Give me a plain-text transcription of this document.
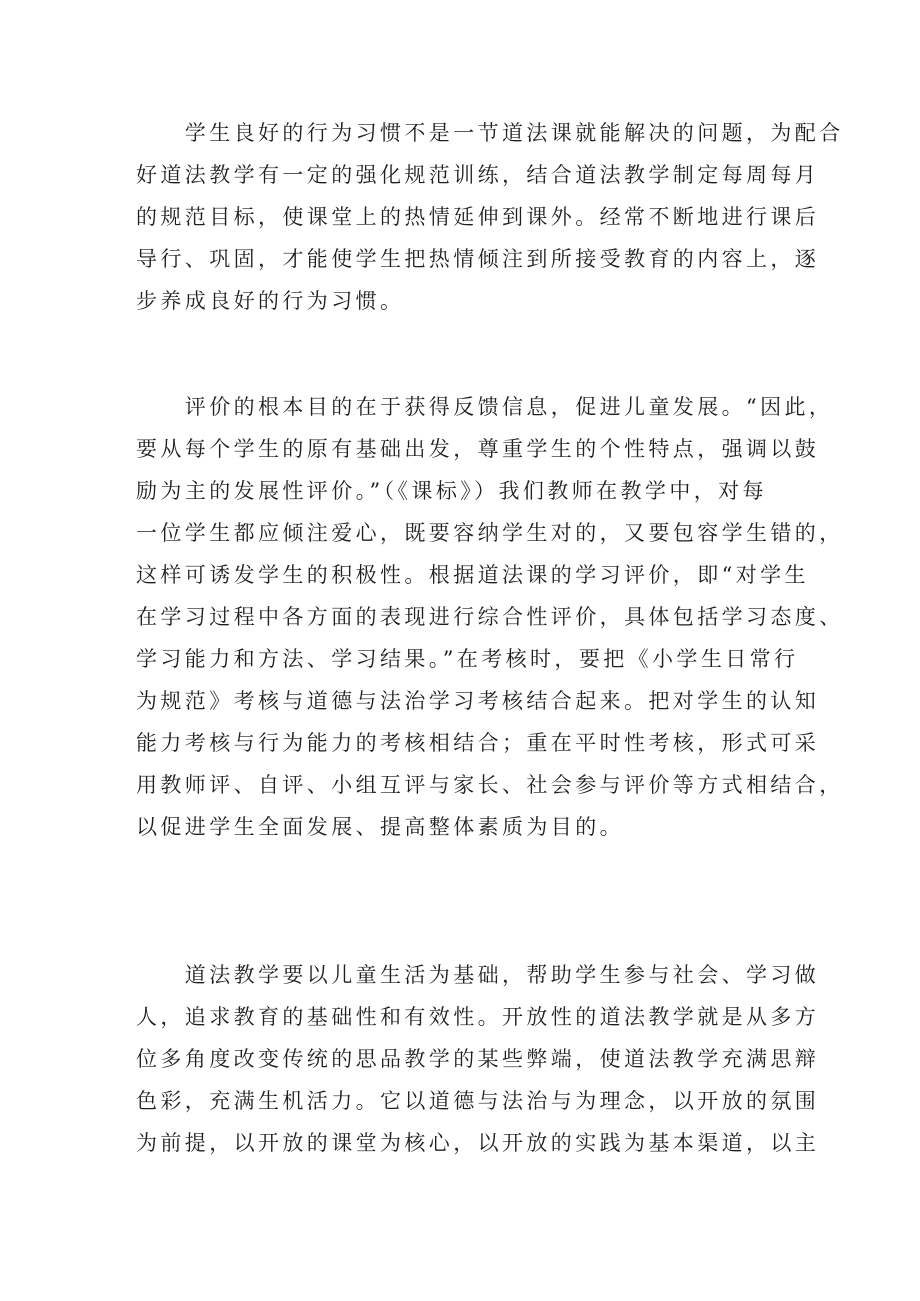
　　学生良好的行为习惯不是一节道法课就能解决的问题，为配合
好道法教学有一定的强化规范训练，结合道法教学制定每周每月
的规范目标，使课堂上的热情延伸到课外。经常不断地进行课后
导行、巩固，才能使学生把热情倾注到所接受教育的内容上，逐
步养成良好的行为习惯。
　　评价的根本目的在于获得反馈信息，促进儿童发展。“因此，
要从每个学生的原有基础出发，尊重学生的个性特点，强调以鼓
励为主的发展性评价。”（《课标》）我们教师在教学中，对每
一位学生都应倾注爱心，既要容纳学生对的，又要包容学生错的，
这样可诱发学生的积极性。根据道法课的学习评价，即“对学生
在学习过程中各方面的表现进行综合性评价，具体包括学习态度、
学习能力和方法、学习结果。”在考核时，要把《小学生日常行
为规范》考核与道德与法治学习考核结合起来。把对学生的认知
能力考核与行为能力的考核相结合；重在平时性考核，形式可采
用教师评、自评、小组互评与家长、社会参与评价等方式相结合，
以促进学生全面发展、提高整体素质为目的。
　　道法教学要以儿童生活为基础，帮助学生参与社会、学习做
人，追求教育的基础性和有效性。开放性的道法教学就是从多方
位多角度改变传统的思品教学的某些弊端，使道法教学充满思辩
色彩，充满生机活力。它以道德与法治与为理念，以开放的氛围
为前提，以开放的课堂为核心，以开放的实践为基本渠道，以主
